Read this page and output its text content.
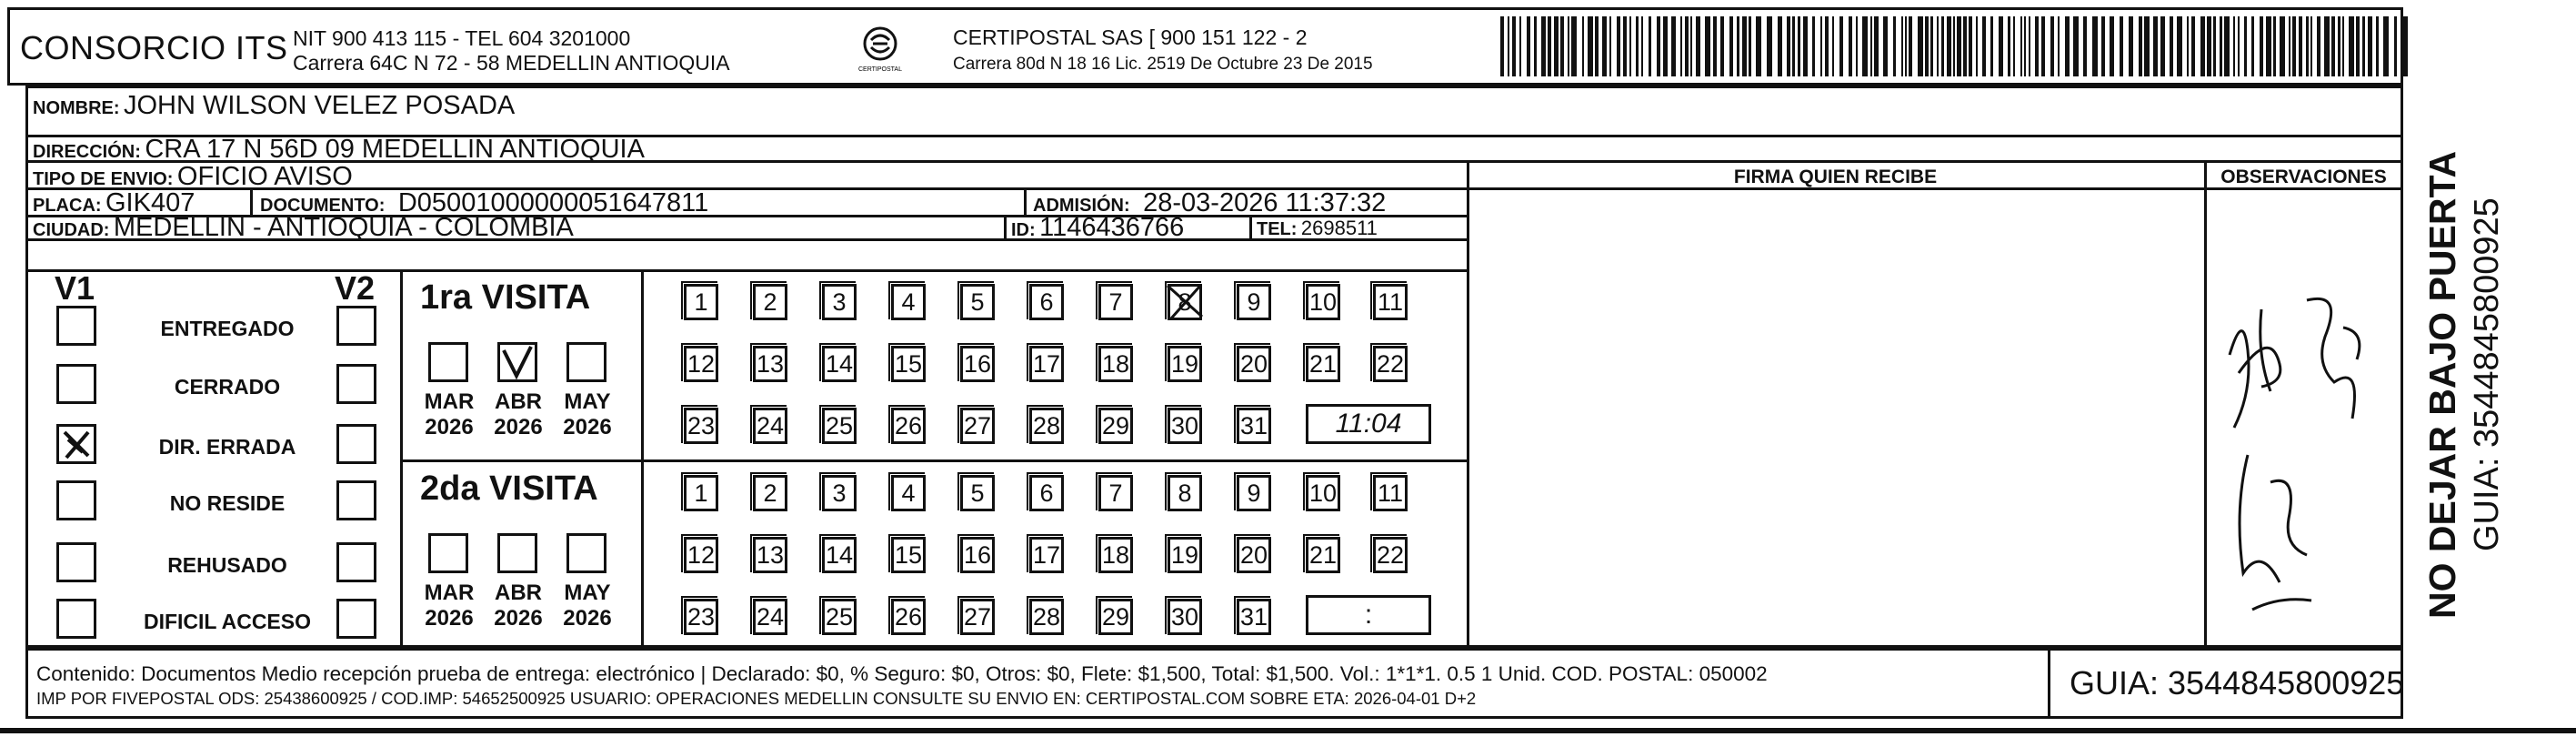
CONSORCIO ITS NIT 900 413 115 - TEL 604 3201000
Carrera 64C N 72 - 58 MEDELLIN ANTIOQUIA	CERTIPOSTAL
CERTIPOSTAL SAS [ 900 151 122 - 2
Carrera 80d N 18 16 Lic. 2519 De Octubre 23 De 2015
NOMBRE: JOHN WILSON VELEZ POSADA
DIRECCIÓN: CRA 17 N 56D 09 MEDELLIN ANTIOQUIA
TIPO DE ENVIO: OFICIO AVISO	FIRMA QUIEN RECIBE	OBSERVACIONES
PLACA: GIK407	DOCUMENTO: D05001000000051647811	ADMISIÓN: 28-03-2026 11:37:32
CIUDAD: MEDELLIN - ANTIOQUIA - COLOMBIA	ID: 1146436766	TEL: 2698511
V1	V2
ENTREGADO
CERRADO
DIR. ERRADA
NO RESIDE
REHUSADO
DIFICIL ACCESO
1ra VISITA
MAR
2026
ABR
2026
MAY
2026
1	2	3	4	5	6	7	8	9	10 11
12 13 14 15 16 17 18 19 20 21 22
23 24 25 26 27 28 29 30 31	11:04
2da VISITA
MAR
2026
ABR
2026
MAY
2026
1	2	3	4	5	6	7	8	9	10 11
12 13 14 15 16 17 18 19 20 21 22
23 24 25 26 27 28 29 30 31	:
Contenido: Documentos Medio recepción prueba de entrega: electrónico | Declarado: $0, % Seguro: $0, Otros: $0, Flete: $1,500, Total: $1,500. Vol.: 1*1*1. 0.5 1 Unid. COD. POSTAL: 050002
IMP POR FIVEPOSTAL ODS: 25438600925 / COD.IMP: 54652500925 USUARIO: OPERACIONES MEDELLIN CONSULTE SU ENVIO EN: CERTIPOSTAL.COM SOBRE ETA: 2026-04-01 D+2	GUIA: 3544845800925
NO DEJAR BAJO PUERTA GUIA: 3544845800925
